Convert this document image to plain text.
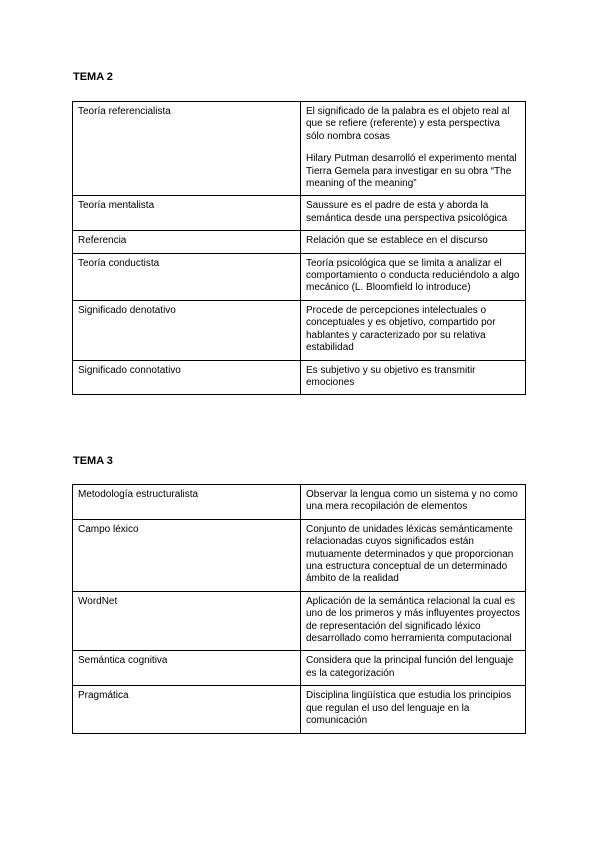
TEMA 2
Teoría referencialista	El significado de la palabra es el objeto real al que se refiere (referente) y esta perspectiva sólo nombra cosas

Hilary Putman desarrolló el experimento mental Tierra Gemela para investigar en su obra “The meaning of the meaning”

Teoría mentalista	Saussure es el padre de esta y aborda la semántica desde una perspectiva psicológica

Referencia	Relación que se establece en el discurso

Teoría conductista	Teoría psicológica que se limita a analizar el comportamiento o conducta reduciéndolo a algo mecánico (L. Bloomfield lo introduce)

Significado denotativo	Procede de percepciones intelectuales o conceptuales y es objetivo, compartido por hablantes y caracterizado por su relativa estabilidad

Significado connotativo	Es subjetivo y su objetivo es transmitir emociones

TEMA 3
Metodología estructuralista	Observar la lengua como un sistema y no como una mera recopilación de elementos

Campo léxico	Conjunto de unidades léxicas semánticamente relacionadas cuyos significados están mutuamente determinados y que proporcionan una estructura conceptual de un determinado ámbito de la realidad

WordNet	Aplicación de la semántica relacional la cual es uno de los primeros y más influyentes proyectos de representación del significado léxico desarrollado como herramienta computacional

Semántica cognitiva	Considera que la principal función del lenguaje es la categorización

Pragmática	Disciplina lingüística que estudia los principios que regulan el uso del lenguaje en la comunicación
